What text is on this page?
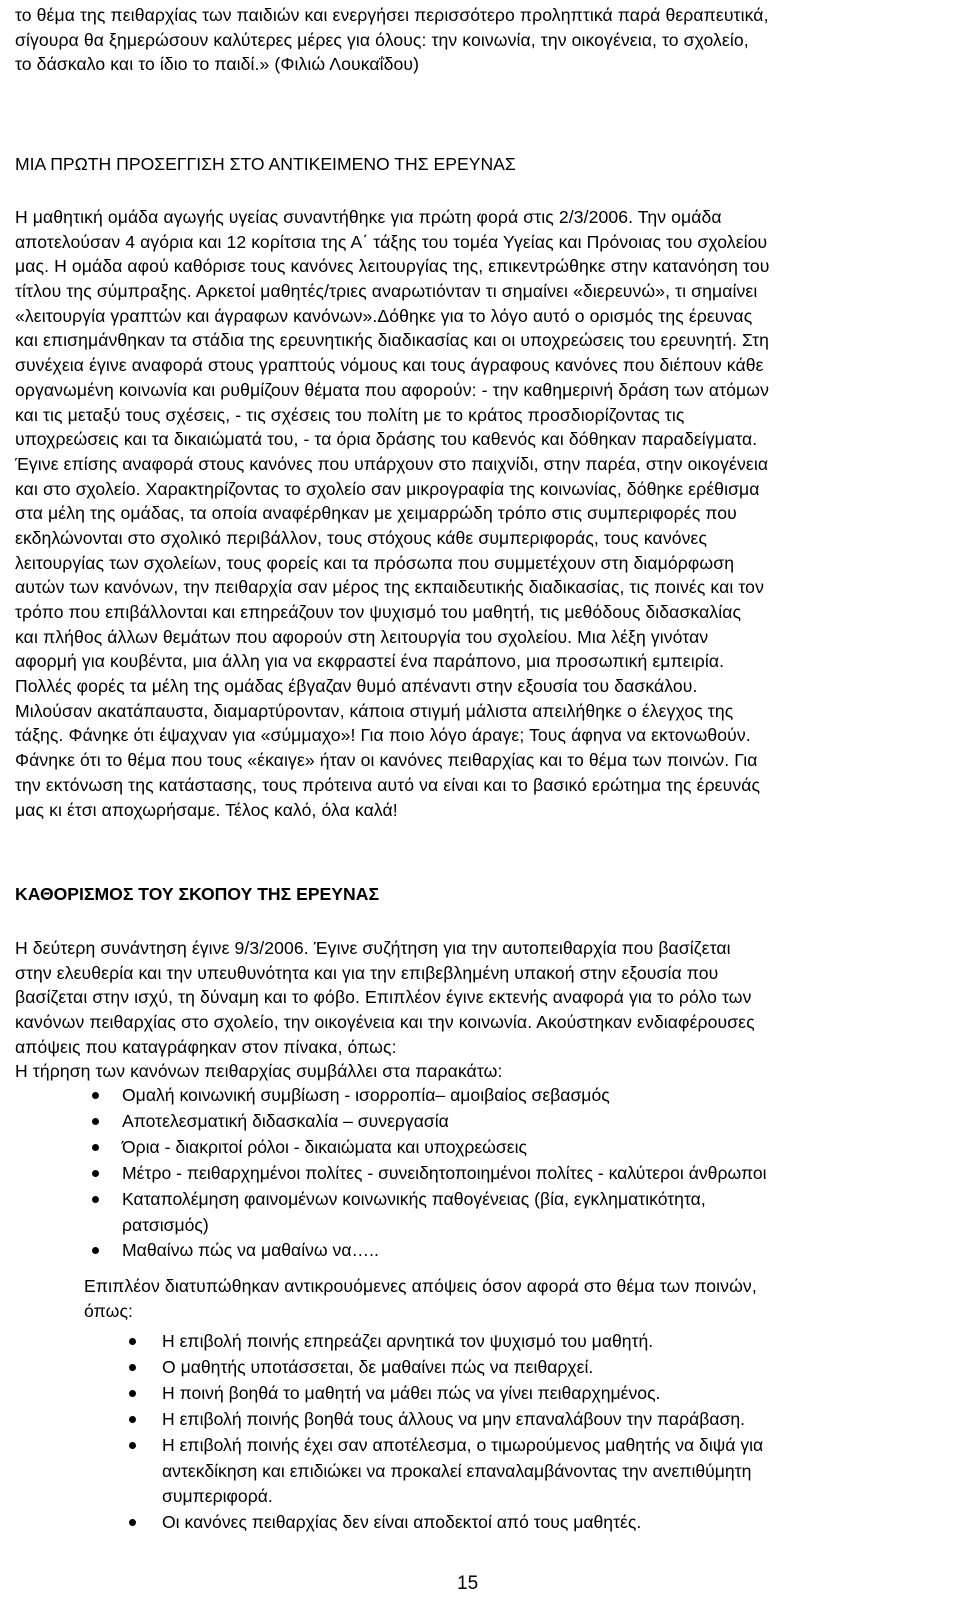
το θέμα της πειθαρχίας των παιδιών και ενεργήσει περισσότερο προληπτικά παρά θεραπευτικά,
σίγουρα θα ξημερώσουν καλύτερες μέρες για όλους: την κοινωνία, την οικογένεια, το σχολείο,
το δάσκαλο και το ίδιο το παιδί.» (Φιλιώ Λουκαΐδου)
ΜΙΑ ΠΡΩΤΗ ΠΡΟΣΕΓΓΙΣΗ ΣΤΟ ΑΝΤΙΚΕΙΜΕΝΟ ΤΗΣ ΕΡΕΥΝΑΣ
Η μαθητική ομάδα αγωγής υγείας συναντήθηκε για πρώτη φορά στις 2/3/2006. Την ομάδα
αποτελούσαν 4 αγόρια και 12 κορίτσια της Α΄ τάξης του τομέα Υγείας και Πρόνοιας του σχολείου
μας. Η ομάδα αφού καθόρισε τους κανόνες λειτουργίας της, επικεντρώθηκε στην κατανόηση του
τίτλου της σύμπραξης. Αρκετοί μαθητές/τριες αναρωτιόνταν τι σημαίνει «διερευνώ», τι σημαίνει
«λειτουργία γραπτών και άγραφων κανόνων».Δόθηκε για το λόγο αυτό ο ορισμός της έρευνας
και επισημάνθηκαν τα στάδια της ερευνητικής διαδικασίας και οι υποχρεώσεις του ερευνητή. Στη
συνέχεια έγινε αναφορά στους γραπτούς νόμους και τους άγραφους κανόνες που διέπουν κάθε
οργανωμένη κοινωνία και ρυθμίζουν θέματα που αφορούν: - την καθημερινή δράση των ατόμων
και τις μεταξύ τους σχέσεις, - τις σχέσεις του πολίτη με το κράτος προσδιορίζοντας τις
υποχρεώσεις και τα δικαιώματά του, - τα όρια δράσης του καθενός και δόθηκαν παραδείγματα.
Έγινε επίσης αναφορά στους κανόνες που υπάρχουν στο παιχνίδι, στην παρέα, στην οικογένεια
και στο σχολείο. Χαρακτηρίζοντας το σχολείο σαν μικρογραφία της κοινωνίας, δόθηκε ερέθισμα
στα μέλη της ομάδας, τα οποία αναφέρθηκαν με χειμαρρώδη τρόπο στις συμπεριφορές που
εκδηλώνονται στο σχολικό περιβάλλον, τους στόχους κάθε συμπεριφοράς, τους κανόνες
λειτουργίας των σχολείων, τους φορείς και τα πρόσωπα που συμμετέχουν στη διαμόρφωση
αυτών των κανόνων, την πειθαρχία σαν μέρος της εκπαιδευτικής διαδικασίας, τις ποινές και τον
τρόπο που επιβάλλονται και επηρεάζουν τον ψυχισμό του μαθητή, τις μεθόδους διδασκαλίας
και πλήθος άλλων θεμάτων που αφορούν στη λειτουργία του σχολείου. Μια λέξη γινόταν
αφορμή για κουβέντα, μια άλλη για να εκφραστεί ένα παράπονο, μια προσωπική εμπειρία.
Πολλές φορές τα μέλη της ομάδας έβγαζαν θυμό απέναντι στην εξουσία του δασκάλου.
Μιλούσαν ακατάπαυστα, διαμαρτύρονταν, κάποια στιγμή μάλιστα απειλήθηκε ο έλεγχος της
τάξης. Φάνηκε ότι έψαχναν για «σύμμαχο»! Για ποιο λόγο άραγε; Τους άφηνα να εκτονωθούν.
Φάνηκε ότι το θέμα που τους «έκαιγε» ήταν οι κανόνες πειθαρχίας και το θέμα των ποινών. Για
την εκτόνωση της κατάστασης, τους πρότεινα αυτό να είναι και το βασικό ερώτημα της έρευνάς
μας κι έτσι αποχωρήσαμε. Τέλος καλό, όλα καλά!
ΚΑΘΟΡΙΣΜΟΣ ΤΟΥ ΣΚΟΠΟΥ ΤΗΣ ΕΡΕΥΝΑΣ
Η δεύτερη συνάντηση έγινε 9/3/2006. Έγινε συζήτηση για την αυτοπειθαρχία που βασίζεται
στην ελευθερία και την υπευθυνότητα και για την επιβεβλημένη υπακοή στην εξουσία που
βασίζεται στην ισχύ, τη δύναμη και το φόβο. Επιπλέον έγινε εκτενής αναφορά για το ρόλο των
κανόνων πειθαρχίας στο σχολείο, την οικογένεια και την κοινωνία. Ακούστηκαν ενδιαφέρουσες
απόψεις που καταγράφηκαν στον πίνακα, όπως:
Η τήρηση των κανόνων πειθαρχίας συμβάλλει στα παρακάτω:
Ομαλή κοινωνική συμβίωση - ισορροπία– αμοιβαίος σεβασμός
Αποτελεσματική διδασκαλία – συνεργασία
Όρια - διακριτοί ρόλοι - δικαιώματα και υποχρεώσεις
Μέτρο - πειθαρχημένοι πολίτες - συνειδητοποιημένοι πολίτες - καλύτεροι άνθρωποι
Καταπολέμηση φαινομένων κοινωνικής παθογένειας (βία, εγκληματικότητα,
ρατσισμός)
Μαθαίνω πώς να μαθαίνω να…..
Επιπλέον διατυπώθηκαν αντικρουόμενες απόψεις όσον αφορά στο θέμα των ποινών,
όπως:
Η επιβολή ποινής επηρεάζει αρνητικά τον ψυχισμό του μαθητή.
Ο μαθητής υποτάσσεται, δε μαθαίνει πώς να πειθαρχεί.
Η ποινή βοηθά το μαθητή να μάθει πώς να γίνει πειθαρχημένος.
Η επιβολή ποινής βοηθά τους άλλους να μην επαναλάβουν την παράβαση.
Η επιβολή ποινής έχει σαν αποτέλεσμα, ο τιμωρούμενος μαθητής να διψά για
αντεκδίκηση και επιδιώκει να προκαλεί επαναλαμβάνοντας την ανεπιθύμητη
συμπεριφορά.
Οι κανόνες πειθαρχίας δεν είναι αποδεκτοί από τους μαθητές.
15
